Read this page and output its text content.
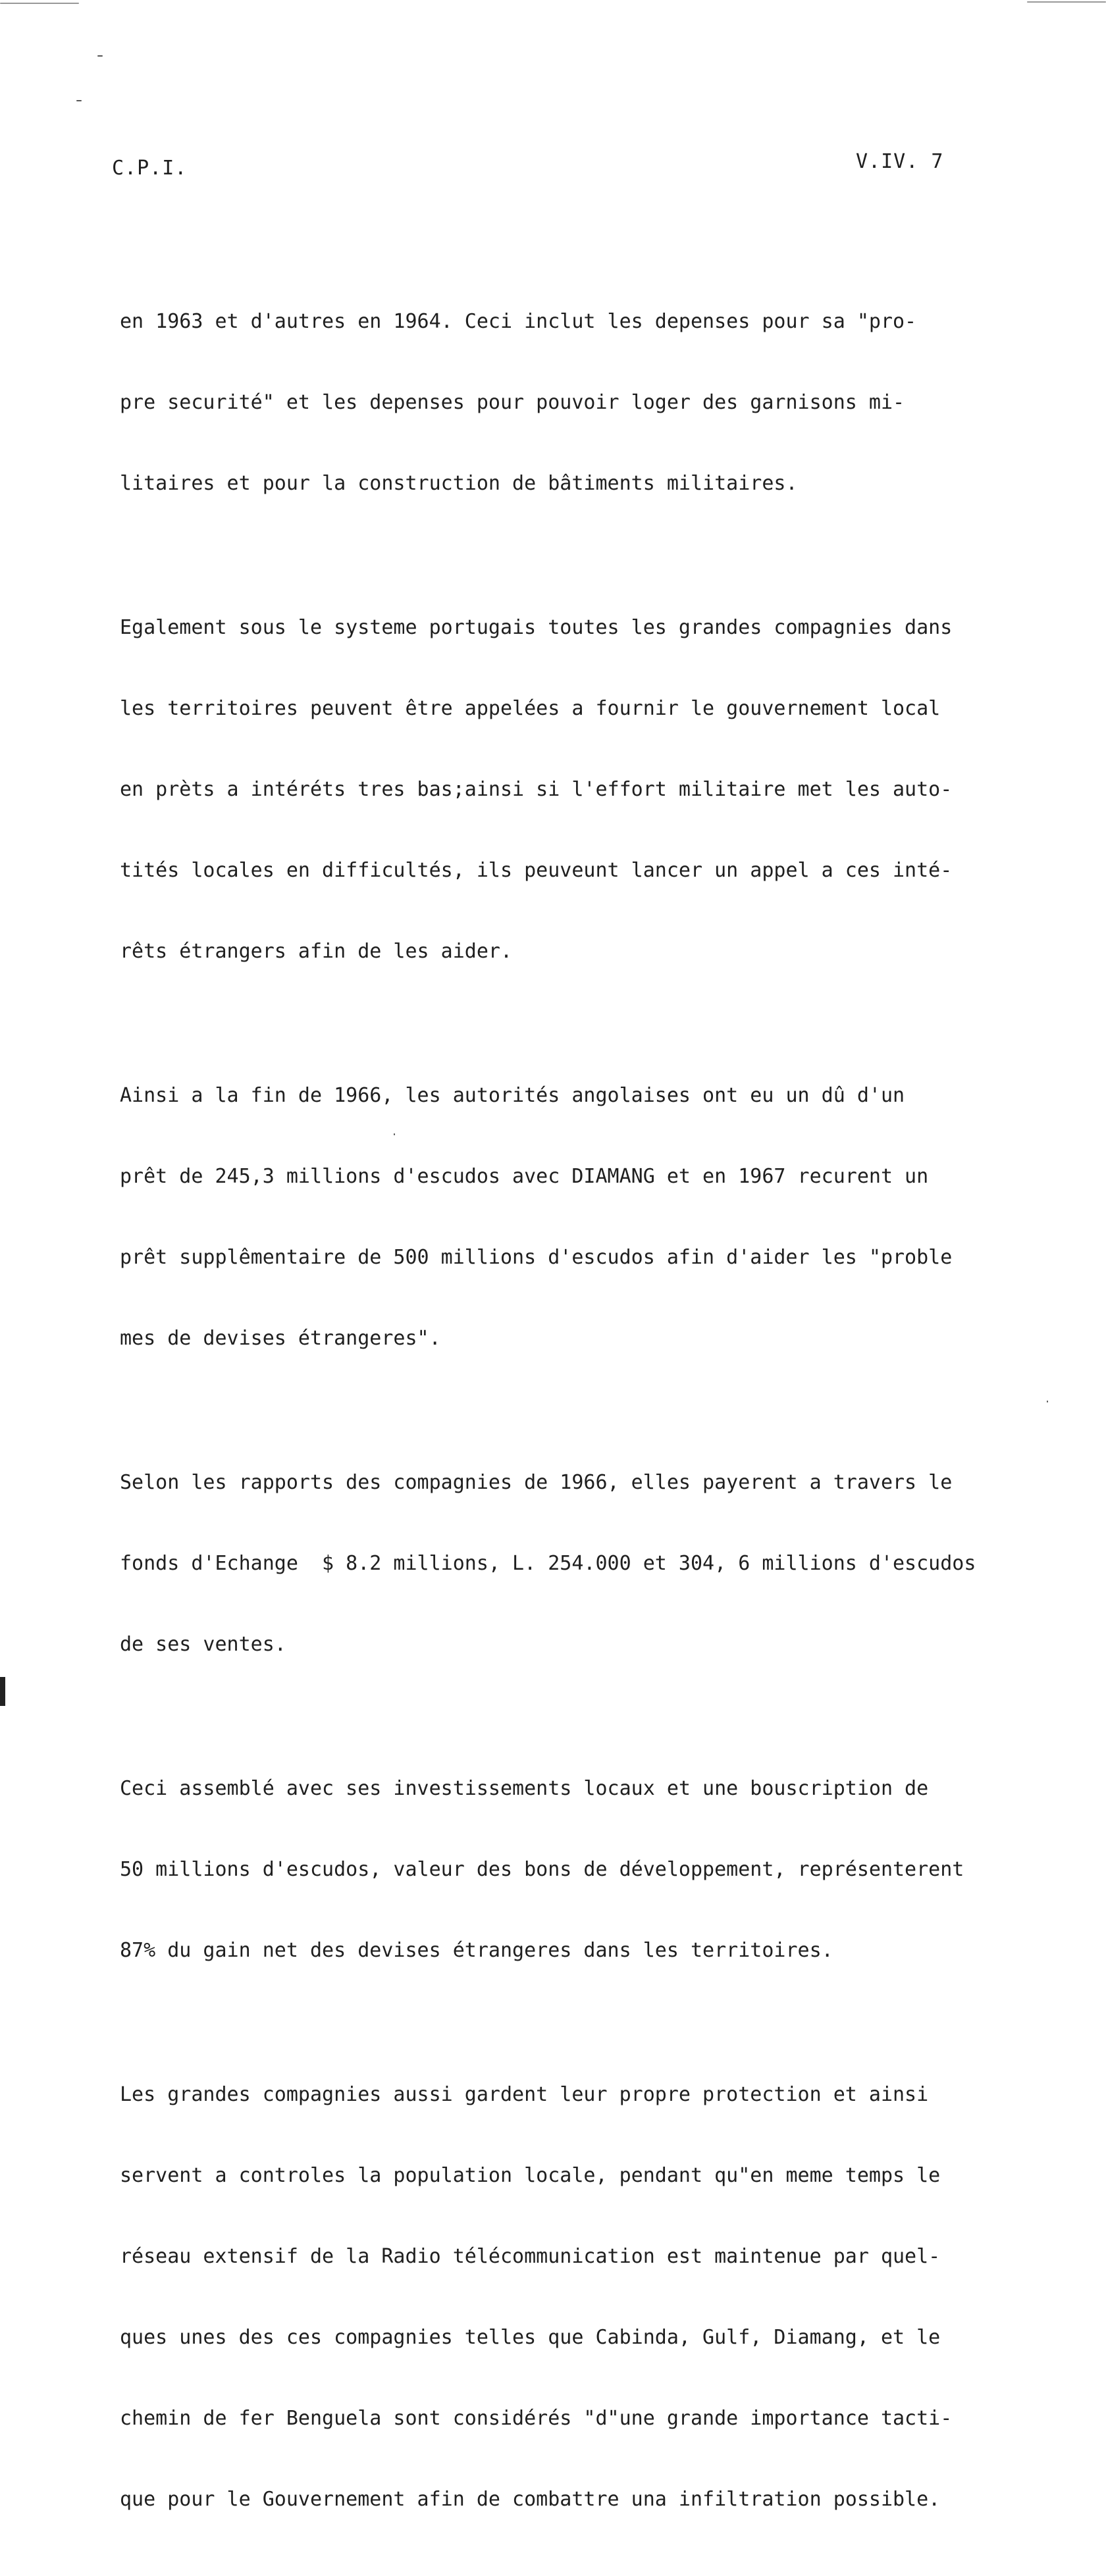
C.P.I.	V.IV. 7

en 1963 et d'autres en 1964. Ceci inclut les depenses pour sa "pro-

pre securité" et les depenses pour pouvoir loger des garnisons mi-

litaires et pour la construction de bâtiments militaires.

Egalement sous le systeme portugais toutes les grandes compagnies dans

les territoires peuvent être appelées a fournir le gouvernement local

en prèts a intéréts tres bas;ainsi si l'effort militaire met les auto-

tités locales en difficultés, ils peuveunt lancer un appel a ces inté-

rêts étrangers afin de les aider.

Ainsi a la fin de 1966, les autorités angolaises ont eu un dû d'un

prêt de 245,3 millions d'escudos avec DIAMANG et en 1967 recurent un

prêt supplêmentaire de 500 millions d'escudos afin d'aider les "proble

mes de devises étrangeres".

Selon les rapports des compagnies de 1966, elles payerent a travers le

fonds d'Echange  $ 8.2 millions, L. 254.000 et 304, 6 millions d'escudos

de ses ventes.

Ceci assemblé avec ses investissements locaux et une bouscription de

50 millions d'escudos, valeur des bons de développement, représenterent

87% du gain net des devises étrangeres dans les territoires.

Les grandes compagnies aussi gardent leur propre protection et ainsi

servent a controles la population locale, pendant qu"en meme temps le

réseau extensif de la Radio télécommunication est maintenue par quel-

ques unes des ces compagnies telles que Cabinda, Gulf, Diamang, et le

chemin de fer Benguela sont considérés "d"une grande importance tacti-

que pour le Gouvernement afin de combattre una infiltration possible.
